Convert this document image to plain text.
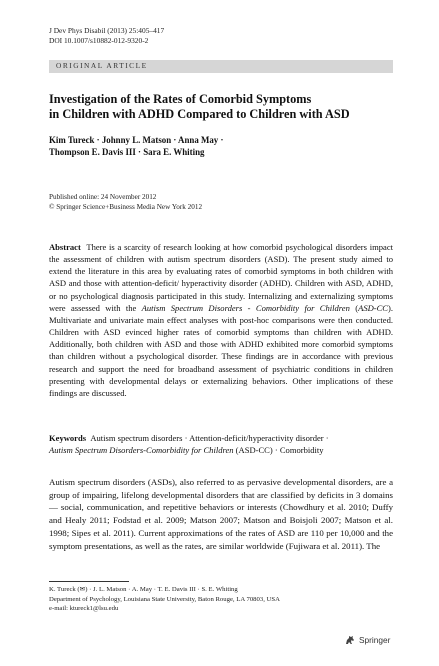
J Dev Phys Disabil (2013) 25:405–417
DOI 10.1007/s10882-012-9320-2
ORIGINAL ARTICLE
Investigation of the Rates of Comorbid Symptoms
in Children with ADHD Compared to Children with ASD
Kim Tureck · Johnny L. Matson · Anna May ·
Thompson E. Davis III · Sara E. Whiting
Published online: 24 November 2012
© Springer Science+Business Media New York 2012

Abstract There is a scarcity of research looking at how comorbid psychological disorders impact the assessment of children with autism spectrum disorders (ASD). The present study aimed to extend the literature in this area by evaluating rates of comorbid symptoms in both children with ASD and those with attention-deficit/ hyperactivity disorder (ADHD). Children with ASD, ADHD, or no psychological diagnosis participated in this study. Internalizing and externalizing symptoms were assessed with the Autism Spectrum Disorders - Comorbidity for Children (ASD-CC). Multivariate and univariate main effect analyses with post-hoc comparisons were then conducted. Children with ASD evinced higher rates of comorbid symptoms than children with ADHD. Additionally, both children with ASD and those with ADHD exhibited more comorbid symptoms than children without a psychological disorder. These findings are in accordance with previous research and support the need for broadband assessment of psychiatric conditions in children presenting with developmental delays or externalizing behaviors. Other implications of these findings are discussed.

Keywords Autism spectrum disorders · Attention-deficit/hyperactivity disorder ·
Autism Spectrum Disorders-Comorbidity for Children (ASD-CC) · Comorbidity

Autism spectrum disorders (ASDs), also referred to as pervasive developmental disorders, are a group of impairing, lifelong developmental disorders that are classified by deficits in 3 domains— social, communication, and repetitive behaviors or interests (Chowdhury et al. 2010; Duffy and Healy 2011; Fodstad et al. 2009; Matson 2007; Matson and Boisjoli 2007; Matson et al. 1998; Sipes et al. 2011). Current approximations of the rates of ASD are 110 per 10,000 and the symptom presentations, as well as the rates, are similar worldwide (Fujiwara et al. 2011). The

K. Tureck (✉) · J. L. Matson · A. May · T. E. Davis III · S. E. Whiting
Department of Psychology, Louisiana State University, Baton Rouge, LA 70803, USA
e-mail: ktureck1@lsu.edu
Springer
